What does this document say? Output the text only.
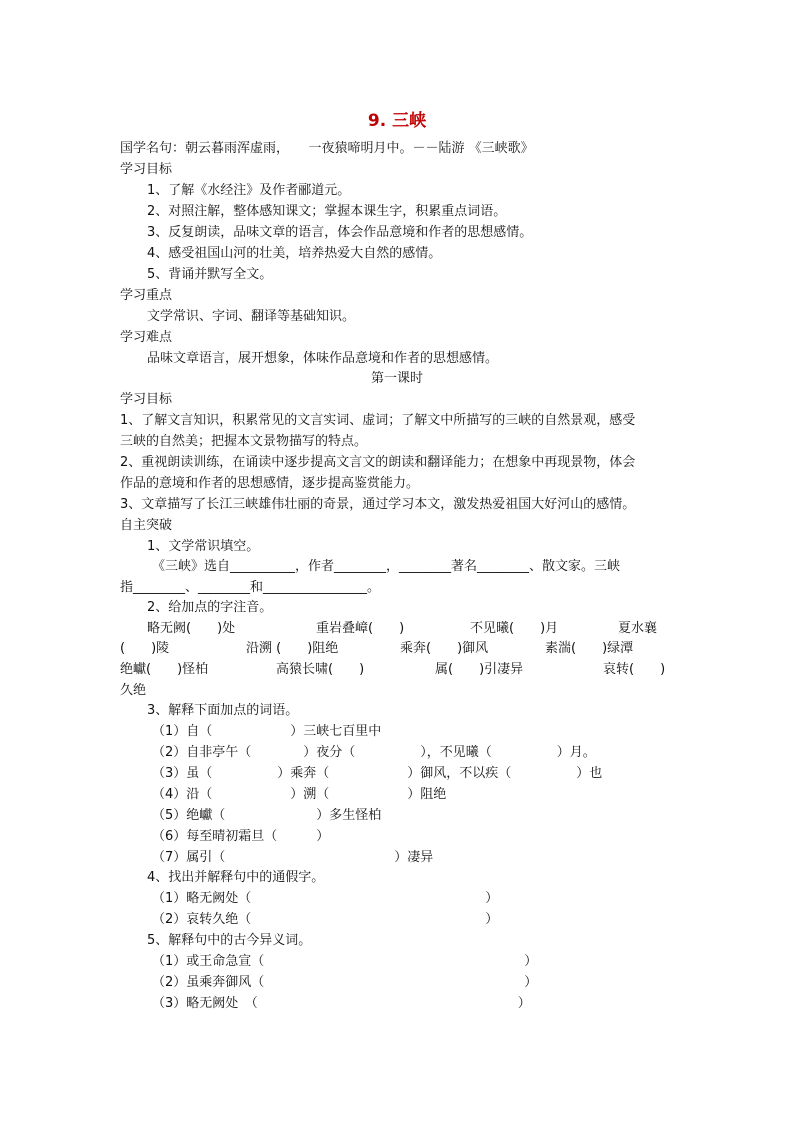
9. 三峡
国学名句：朝云暮雨浑虚雨，　　一夜猿啼明月中。－－陆游 《三峡歌》
学习目标
1、了解《水经注》及作者郦道元。
2、对照注解，整体感知课文；掌握本课生字，积累重点词语。
3、反复朗读，品味文章的语言，体会作品意境和作者的思想感情。
4、感受祖国山河的壮美，培养热爱大自然的感情。
5、背诵并默写全文。
学习重点
文学常识、字词、翻译等基础知识。
学习难点
品味文章语言，展开想象，体味作品意境和作者的思想感情。
第一课时
学习目标
1、了解文言知识，积累常见的文言实词、虚词；了解文中所描写的三峡的自然景观，感受
三峡的自然美；把握本文景物描写的特点。
2、重视朗读训练，在诵读中逐步提高文言文的朗读和翻译能力；在想象中再现景物，体会
作品的意境和作者的思想感情，逐步提高鉴赏能力。
3、文章描写了长江三峡雄伟壮丽的奇景，通过学习本文，激发热爱祖国大好河山的感情。
自主突破
1、文学常识填空。
《三峡》选自__________，作者________，________著名________、散文家。三峡
指________、________和________________。
2、给加点的字注音。
略无阙(　　)处	重岩叠嶂(　　)	不见曦(　　)月	夏水襄
(　　)陵	沿溯 (　　)阻绝	乘奔(　　)御风	素湍(　　)绿潭
绝巘(　　)怪柏	高猿长啸(　　)	属(　　)引凄异	哀转(　　)
久绝
3、解释下面加点的词语。
（1）自（　　　　　　）三峡七百里中
（2）自非亭午（　　　　）夜分（　　　　　），不见曦（　　　　　）月。
（3）虽（　　　　　）乘奔（　　　　　　）御风，不以疾（　　　　　）也
（4）沿（　　　　　　）溯（　　　　　　）阻绝
（5）绝巘（　　　　　　　）多生怪柏
（6）每至晴初霜旦（　　　）
（7）属引（　　　　　　　　　　　　　）凄异
4、找出并解释句中的通假字。
（1）略无阙处（　　　　　　　　　　　　　　　　　　）
（2）哀转久绝（　　　　　　　　　　　　　　　　　　）
5、解释句中的古今异义词。
（1）或王命急宣（　　　　　　　　　　　　　　　　　　　　）
（2）虽乘奔御风（　　　　　　　　　　　　　　　　　　　　）
（3）略无阙处　（　　　　　　　　　　　　　　　　　　　　）
